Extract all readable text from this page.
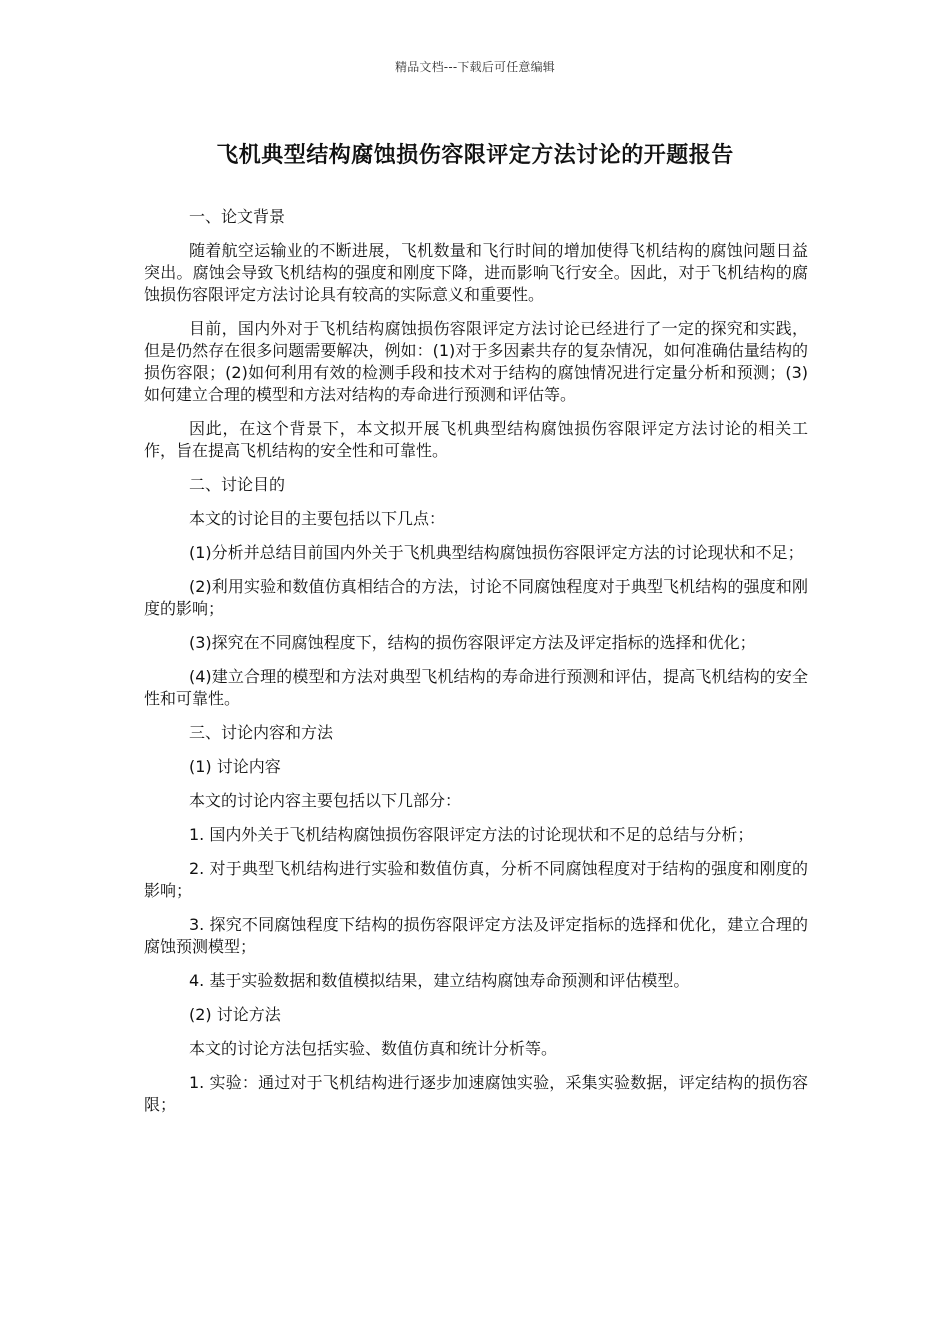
精品文档---下载后可任意编辑
飞机典型结构腐蚀损伤容限评定方法讨论的开题报告

一、论文背景

随着航空运输业的不断进展，飞机数量和飞行时间的增加使得飞机结构的腐蚀问题日益突出。腐蚀会导致飞机结构的强度和刚度下降，进而影响飞行安全。因此，对于飞机结构的腐蚀损伤容限评定方法讨论具有较高的实际意义和重要性。

目前，国内外对于飞机结构腐蚀损伤容限评定方法讨论已经进行了一定的探究和实践，但是仍然存在很多问题需要解决，例如：(1)对于多因素共存的复杂情况，如何准确估量结构的损伤容限；(2)如何利用有效的检测手段和技术对于结构的腐蚀情况进行定量分析和预测；(3)如何建立合理的模型和方法对结构的寿命进行预测和评估等。

因此，在这个背景下，本文拟开展飞机典型结构腐蚀损伤容限评定方法讨论的相关工作，旨在提高飞机结构的安全性和可靠性。

二、讨论目的

本文的讨论目的主要包括以下几点：

(1)分析并总结目前国内外关于飞机典型结构腐蚀损伤容限评定方法的讨论现状和不足；

(2)利用实验和数值仿真相结合的方法，讨论不同腐蚀程度对于典型飞机结构的强度和刚度的影响；

(3)探究在不同腐蚀程度下，结构的损伤容限评定方法及评定指标的选择和优化；

(4)建立合理的模型和方法对典型飞机结构的寿命进行预测和评估，提高飞机结构的安全性和可靠性。

三、讨论内容和方法

(1) 讨论内容

本文的讨论内容主要包括以下几部分：

1. 国内外关于飞机结构腐蚀损伤容限评定方法的讨论现状和不足的总结与分析；

2. 对于典型飞机结构进行实验和数值仿真，分析不同腐蚀程度对于结构的强度和刚度的影响；

3. 探究不同腐蚀程度下结构的损伤容限评定方法及评定指标的选择和优化，建立合理的腐蚀预测模型；

4. 基于实验数据和数值模拟结果，建立结构腐蚀寿命预测和评估模型。

(2) 讨论方法

本文的讨论方法包括实验、数值仿真和统计分析等。

1. 实验：通过对于飞机结构进行逐步加速腐蚀实验，采集实验数据，评定结构的损伤容限；
